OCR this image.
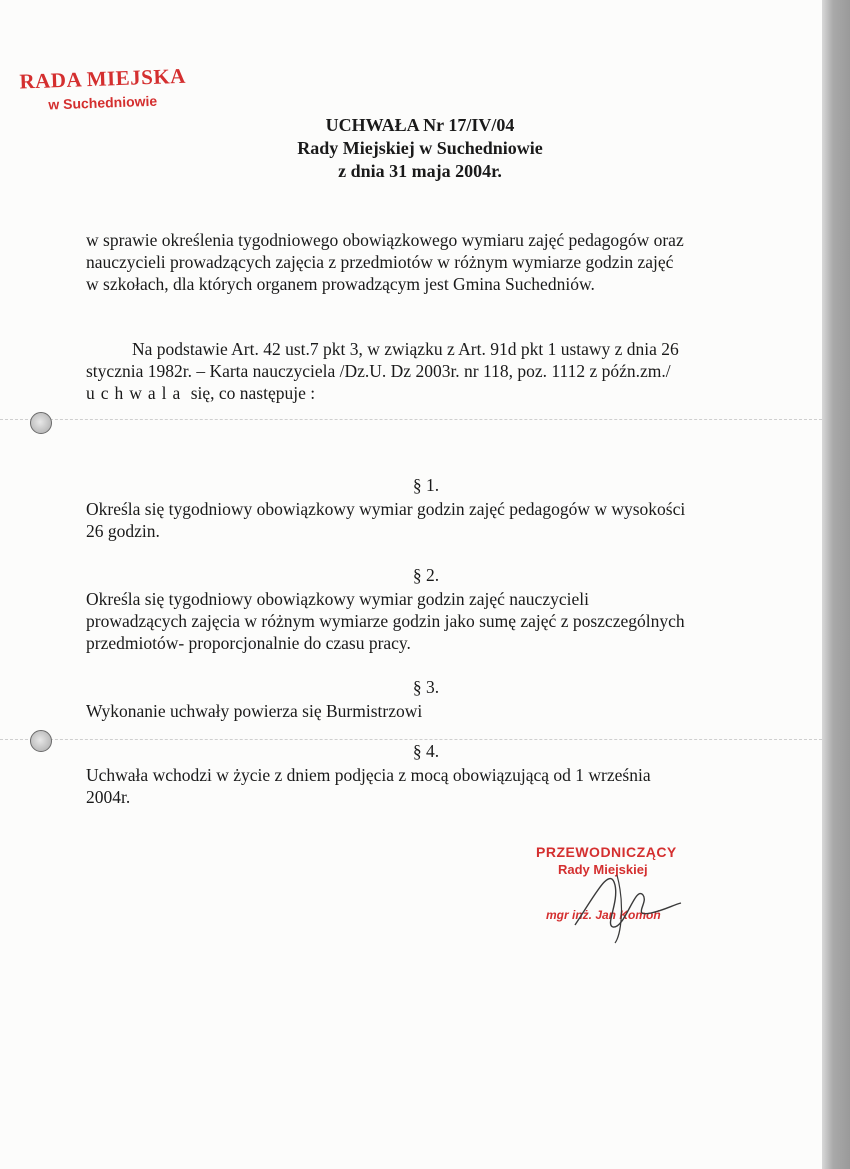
RADA MIEJSKA
w Suchedniowie
UCHWAŁA Nr 17/IV/04
Rady Miejskiej w Suchedniowie
z dnia 31 maja 2004r.
w sprawie określenia tygodniowego obowiązkowego wymiaru zajęć pedagogów oraz
nauczycieli prowadzących zajęcia z przedmiotów w różnym wymiarze godzin zajęć
w szkołach, dla których organem prowadzącym jest Gmina Suchedniów.

Na podstawie Art. 42 ust.7 pkt 3, w związku z Art. 91d pkt 1 ustawy z dnia 26

stycznia 1982r. – Karta nauczyciela /Dz.U. Dz 2003r. nr 118, poz. 1112 z późn.zm./

uchwala się, co następuje :

§ 1.
Określa się tygodniowy obowiązkowy wymiar godzin zajęć pedagogów w wysokości
26 godzin.
§ 2.
Określa się tygodniowy obowiązkowy wymiar godzin zajęć nauczycieli
prowadzących zajęcia w różnym wymiarze godzin jako sumę zajęć z poszczególnych
przedmiotów- proporcjonalnie do czasu pracy.
§ 3.
Wykonanie uchwały powierza się Burmistrzowi
§ 4.
Uchwała wchodzi w życie z dniem podjęcia z mocą obowiązującą od 1 września
2004r.
PRZEWODNICZĄCY
Rady Miejskiej
mgr inż. Jan Komoń
